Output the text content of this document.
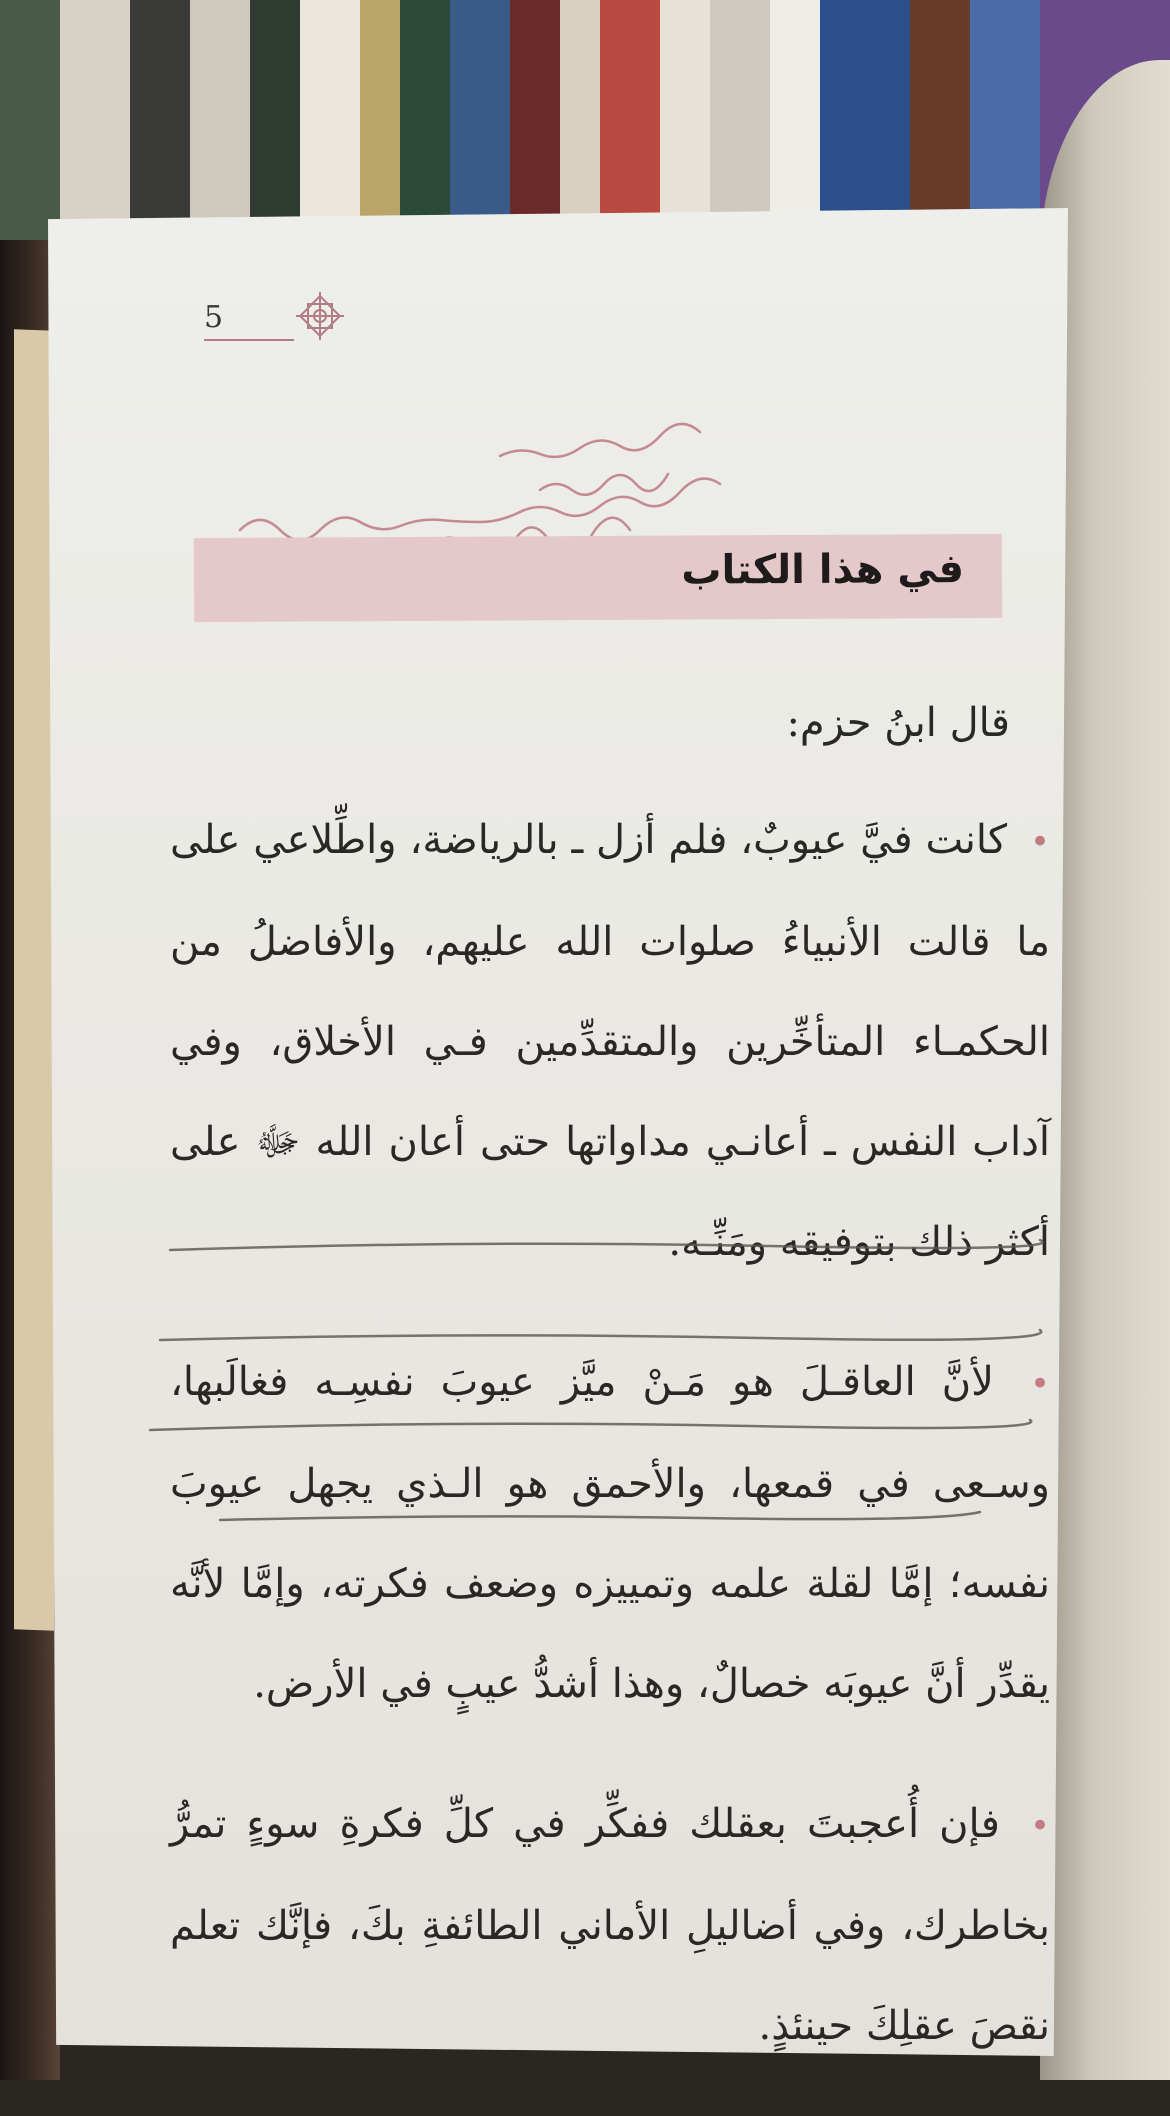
5
في هذا الكتاب
قال ابنُ حزم:

• كانت فيَّ عيوبٌ، فلم أزل ـ بالرياضة، واطِّلاعي على ما قالت الأنبياءُ صلوات الله عليهم، والأفاضلُ من الحكمـاء المتأخِّرين والمتقدِّمين فـي الأخلاق، وفي آداب النفس ـ أعانـي مداواتها حتى أعان الله ﷻ على أكثر ذلك بتوفيقه ومَنِّـه.

• لأنَّ العاقـلَ هو مَـنْ ميَّز عيوبَ نفسِـه فغالَبها، وسـعى في قمعها، والأحمق هو الـذي يجهل عيوبَ نفسه؛ إمَّا لقلة علمه وتمييزه وضعف فكرته، وإمَّا لأنَّه يقدِّر أنَّ عيوبَه خصالٌ، وهذا أشدُّ عيبٍ في الأرض.

• فإن أُعجبتَ بعقلك ففكِّر في كلِّ فكرةِ سوءٍ تمرُّ بخاطرك، وفي أضاليلِ الأماني الطائفةِ بكَ، فإنَّك تعلم نقصَ عقلِكَ حينئذٍ.
